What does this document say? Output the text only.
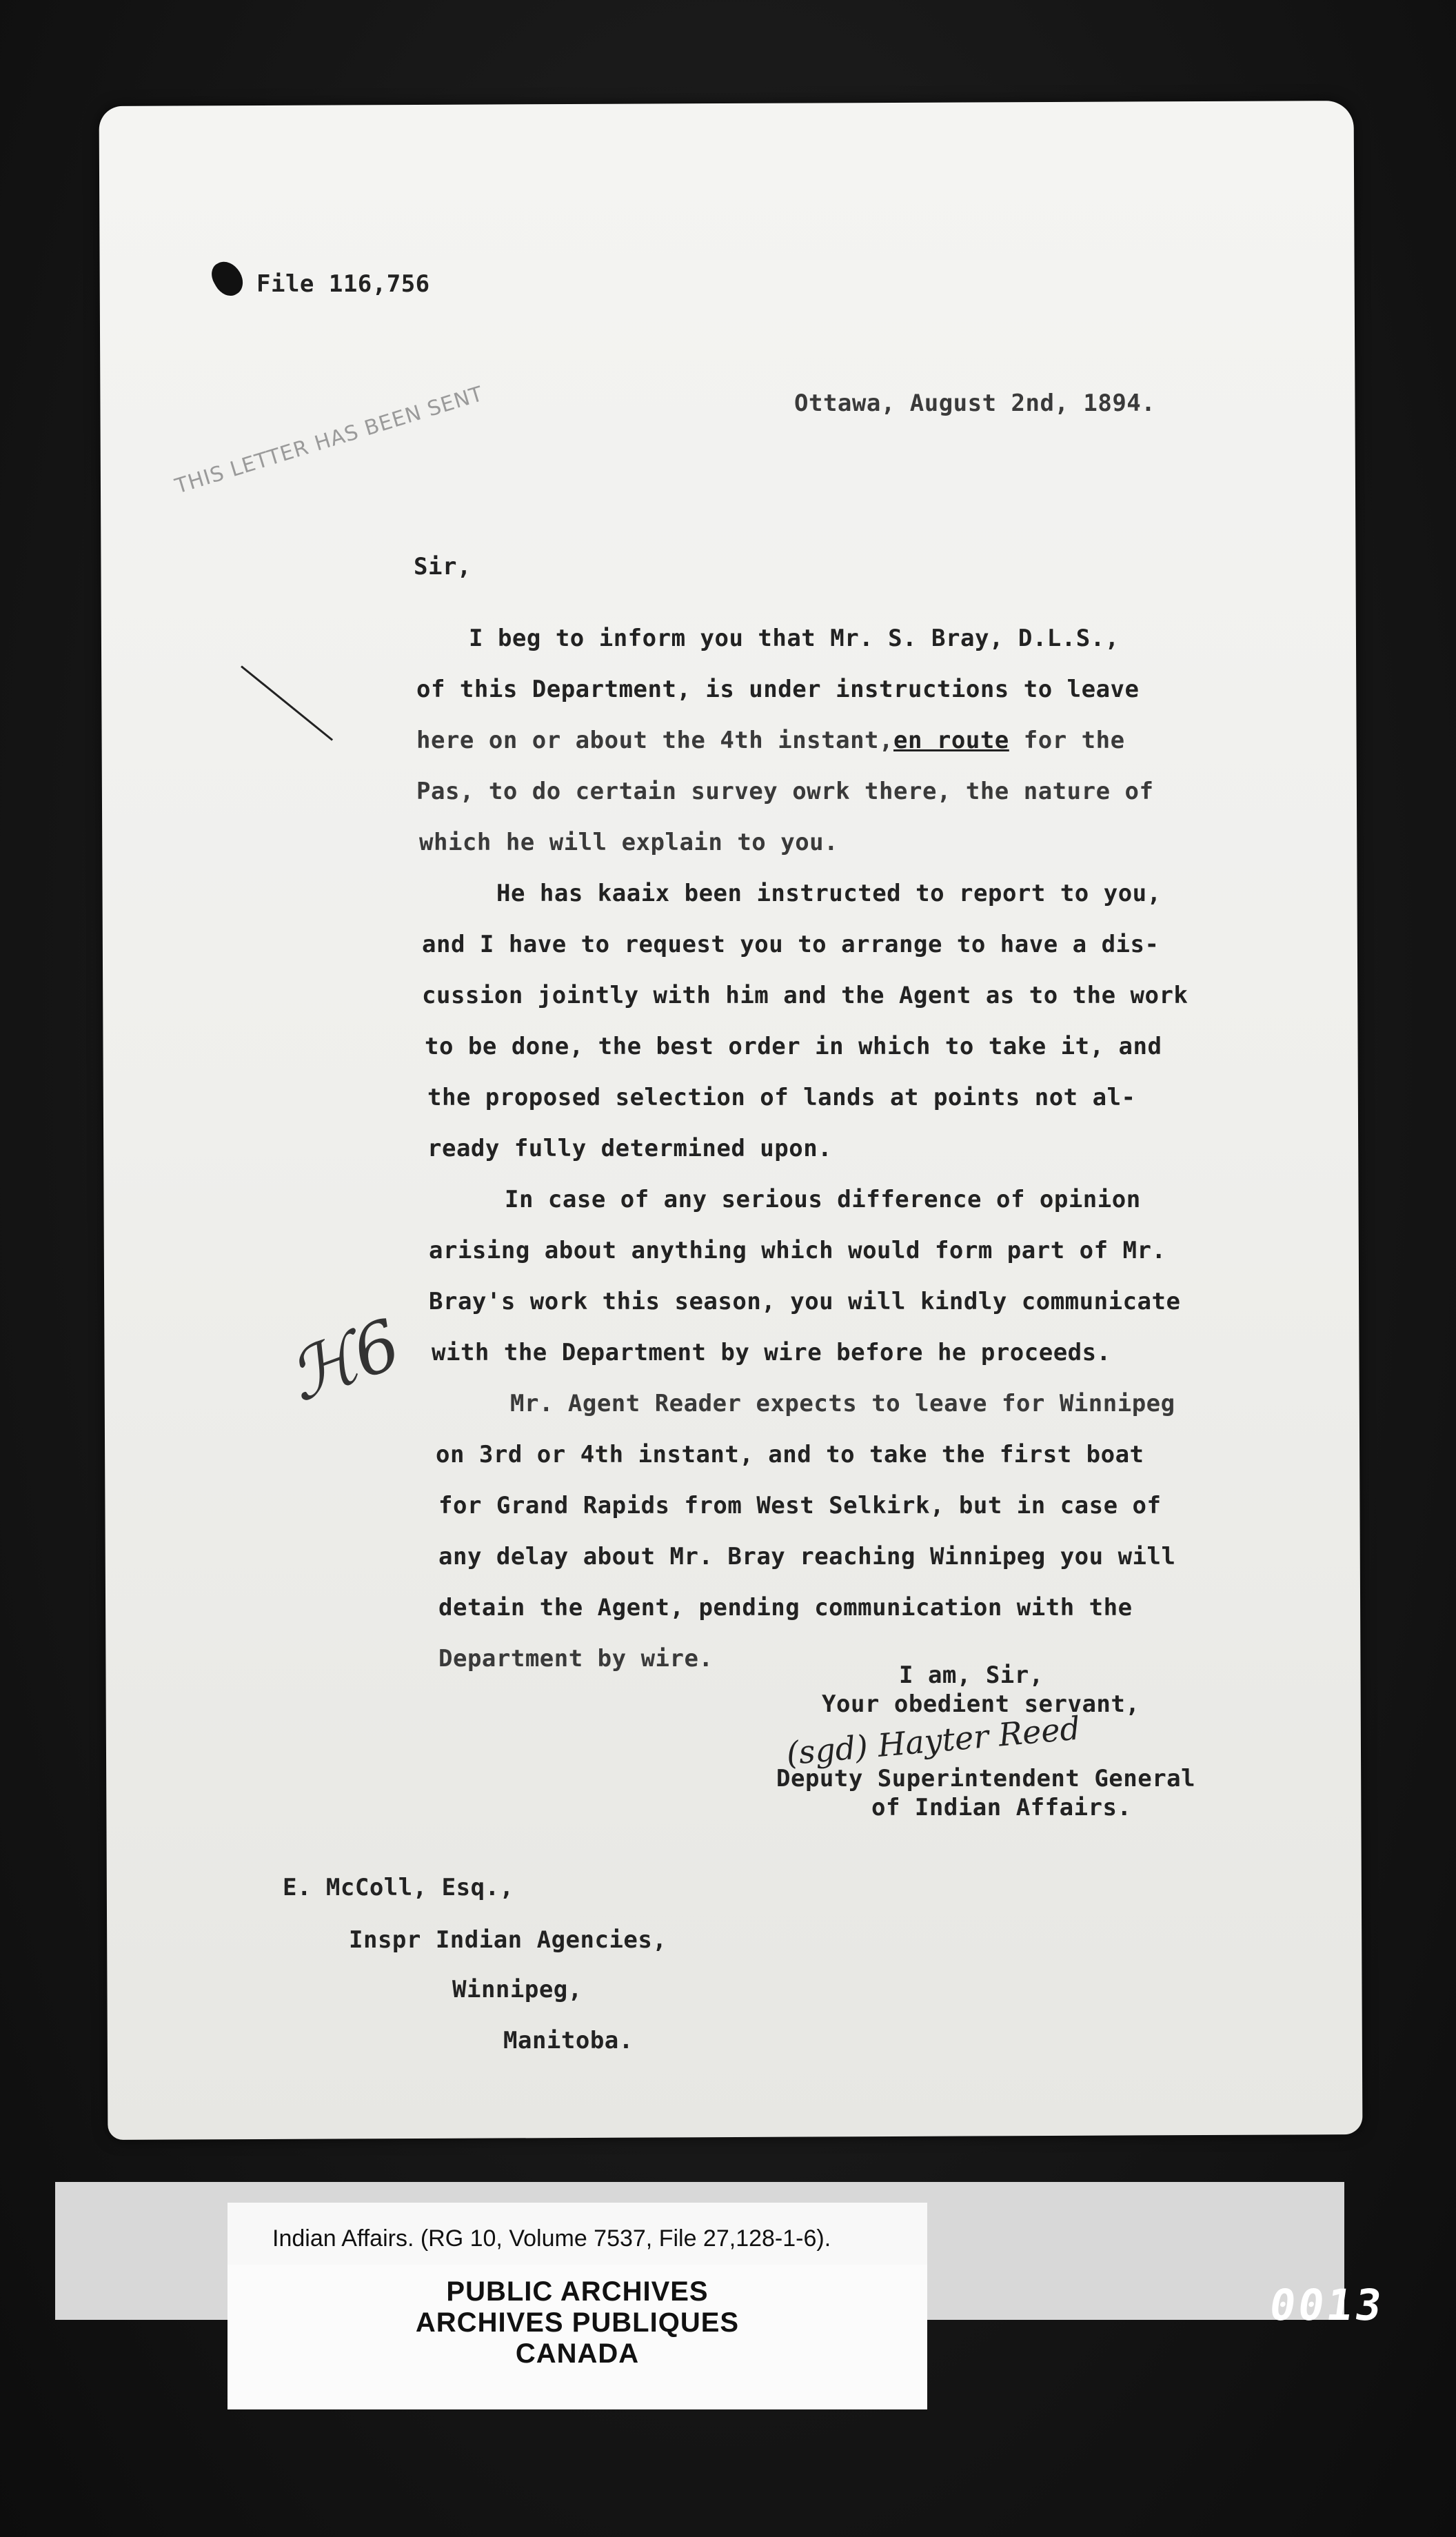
File 116,756
Ottawa, August 2nd, 1894.
THIS LETTER HAS BEEN SENT
Sir,
I beg to inform you that Mr. S. Bray, D.L.S.,
of this Department, is under instructions to leave
here on or about the 4th instant,en route for the
Pas, to do certain survey owrk there, the nature of
which he will explain to you.
He has kaaix been instructed to report to you,
and I have to request you to arrange to have a dis-
cussion jointly with him and the Agent as to the work
to be done, the best order in which to take it, and
the proposed selection of lands at points not al-
ready fully determined upon.
In case of any serious difference of opinion
arising about anything which would form part of Mr.
Bray's work this season, you will kindly communicate
with the Department by wire before he proceeds.
Mr. Agent Reader expects to leave for Winnipeg
on 3rd or 4th instant, and to take the first boat
for Grand Rapids from West Selkirk, but in case of
any delay about Mr. Bray reaching Winnipeg you will
detain the Agent, pending communication with the
Department by wire.
I am, Sir,
Your obedient servant,
(sgd) Hayter Reed
Deputy Superintendent General
of Indian Affairs.
E. McColl, Esq.,
Inspr Indian Agencies,
Winnipeg,
Manitoba.
ℋ6
Indian Affairs. (RG 10, Volume 7537, File 27,128-1-6).
PUBLIC ARCHIVES
ARCHIVES PUBLIQUES
CANADA
0013
